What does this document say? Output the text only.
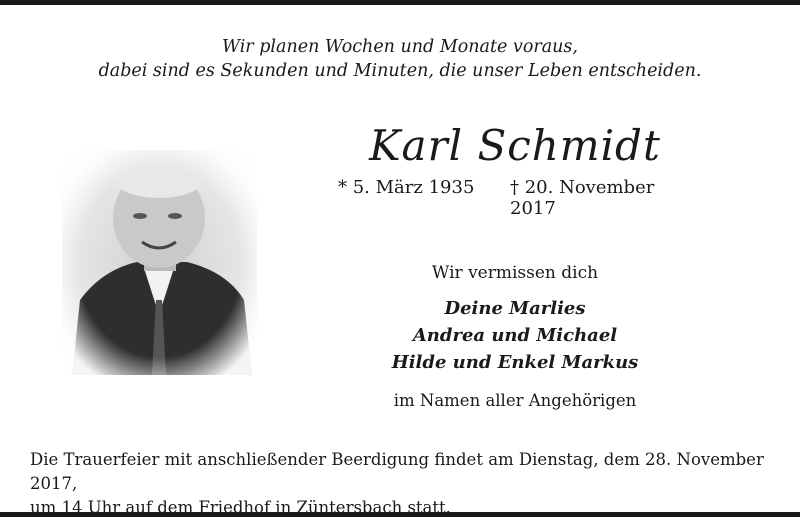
Wir planen Wochen und Monate voraus,
dabei sind es Sekunden und Minuten, die unser Leben entscheiden.
Karl Schmidt
* 5. März 1935 † 20. November 2017
Wir vermissen dich
Deine Marlies
Andrea und Michael
Hilde und Enkel Markus
im Namen aller Angehörigen
Die Trauerfeier mit anschließender Beerdigung findet am Dienstag, dem 28. November 2017,
um 14 Uhr auf dem Friedhof in Züntersbach statt.
